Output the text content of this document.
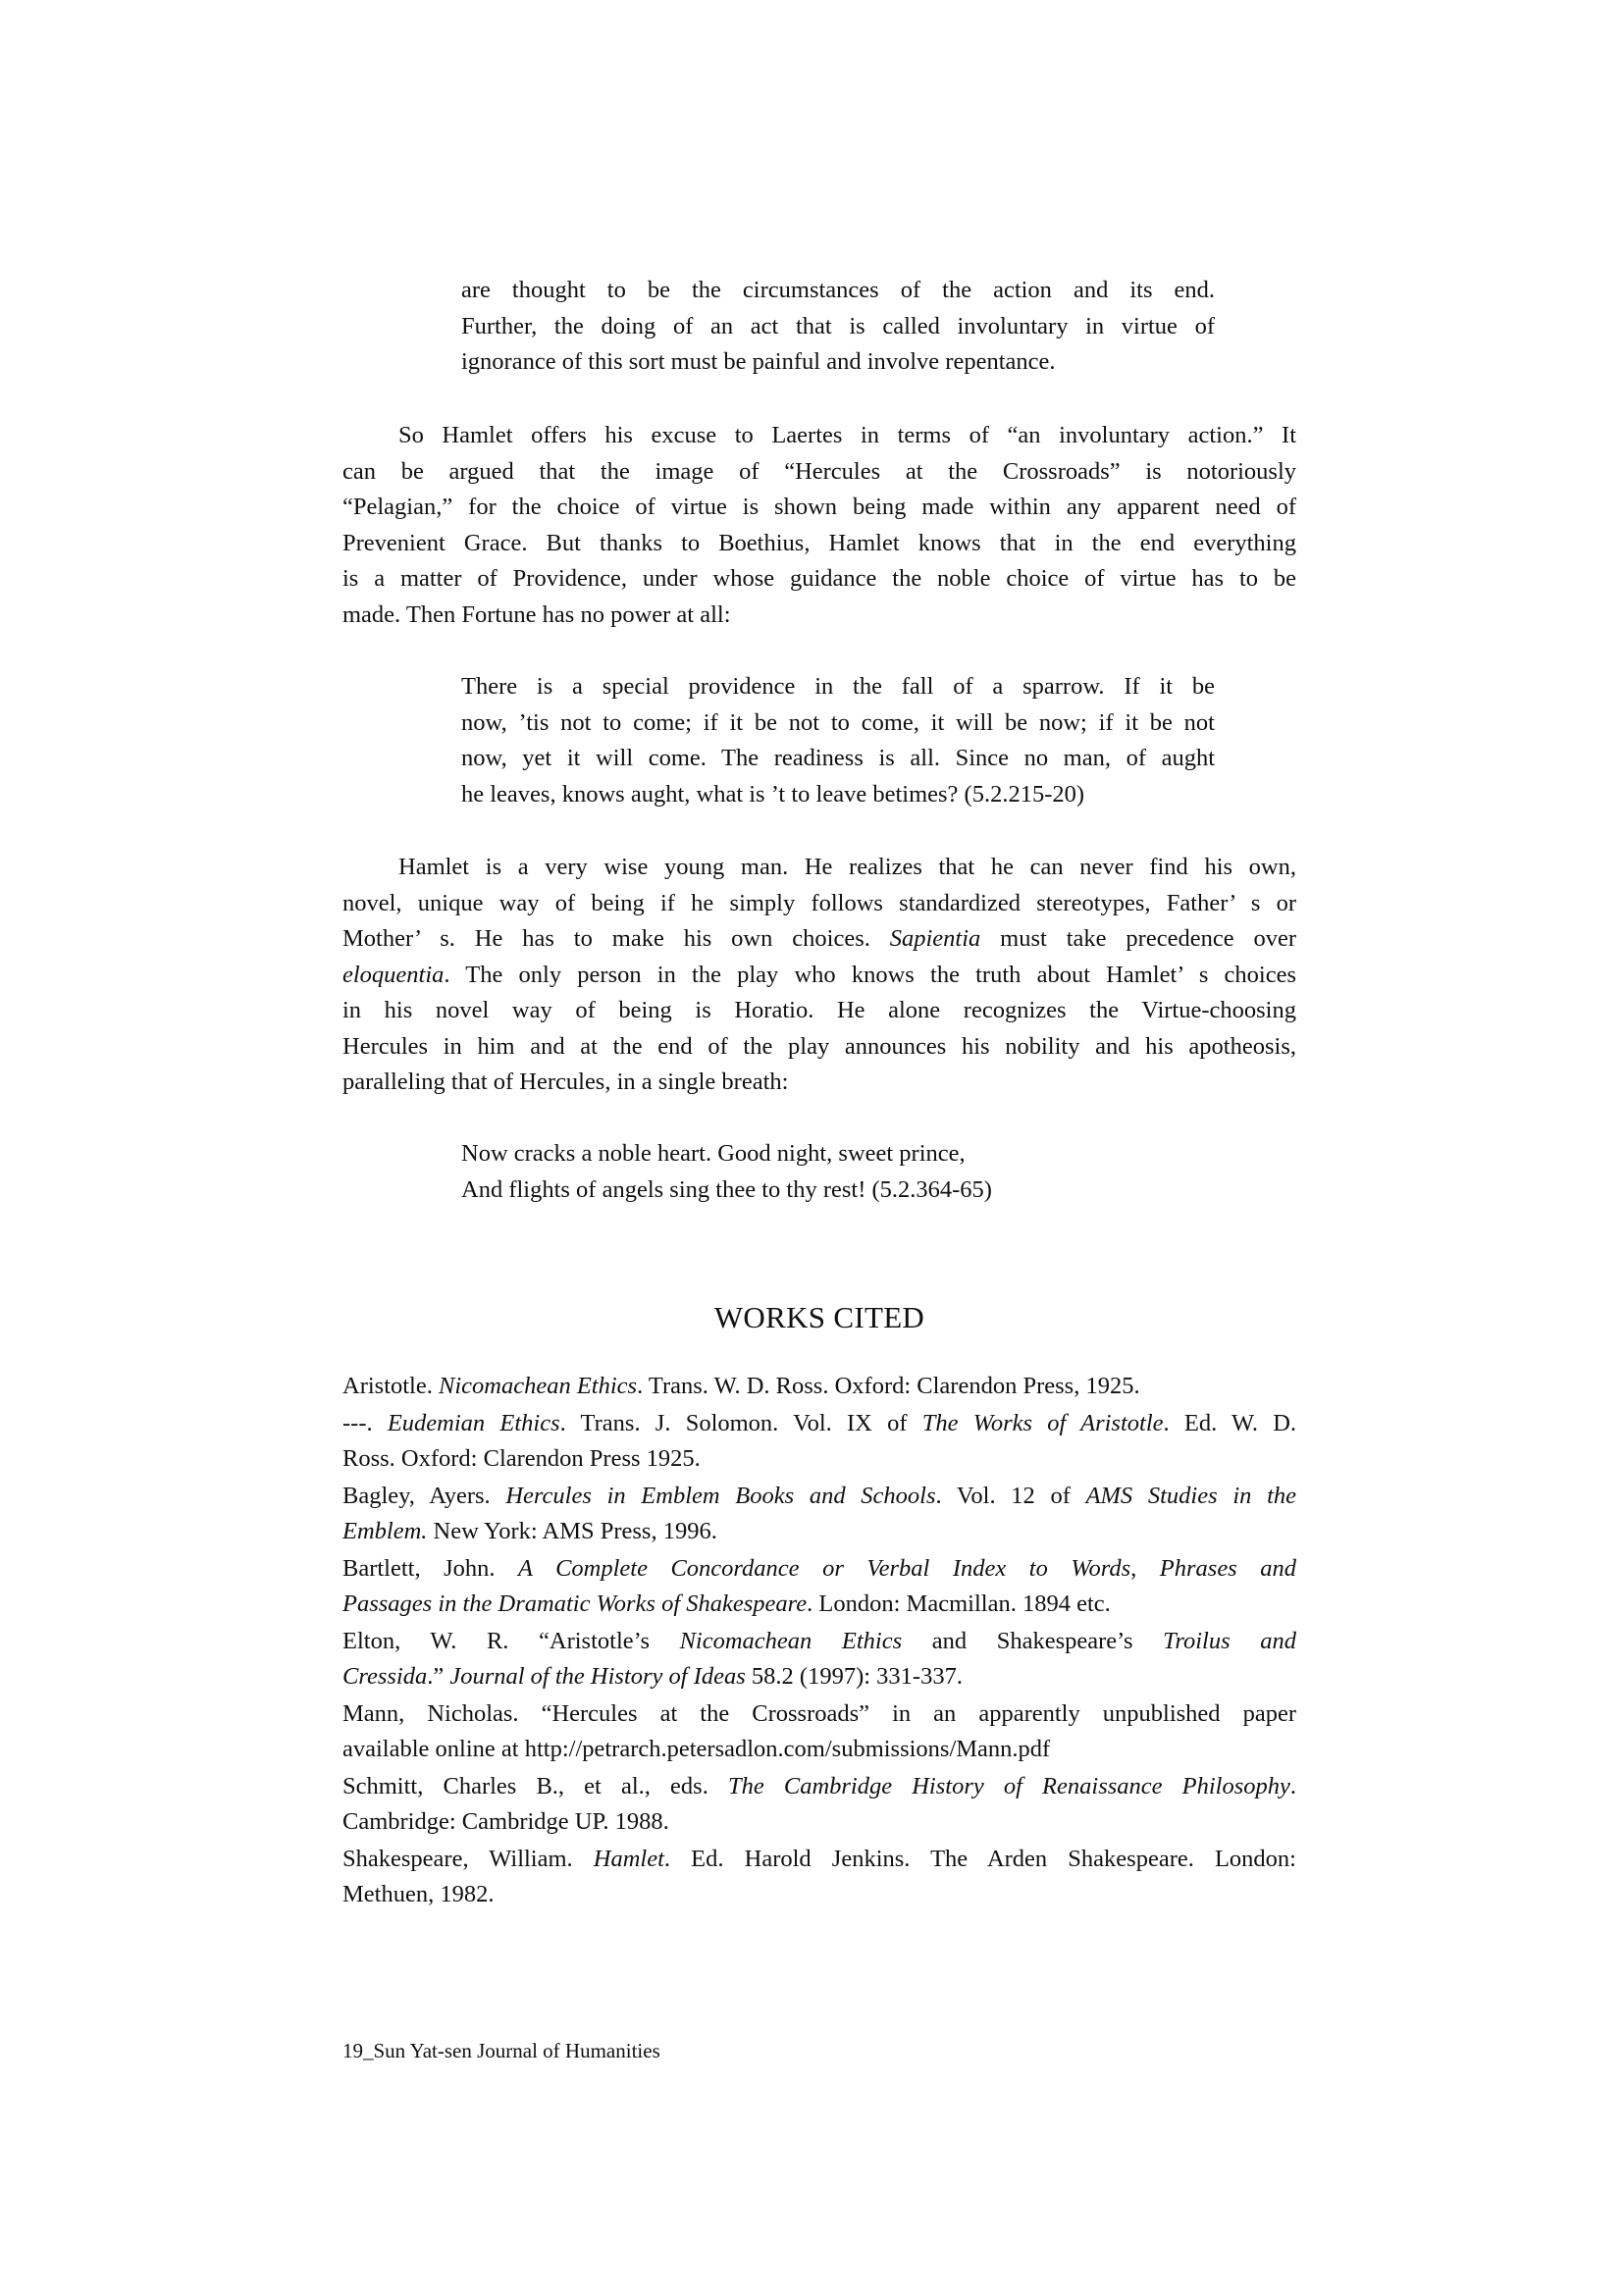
are thought to be the circumstances of the action and its end.
Further, the doing of an act that is called involuntary in virtue of
ignorance of this sort must be painful and involve repentance.
So Hamlet offers his excuse to Laertes in terms of “an involuntary action.” It
can be argued that the image of “Hercules at the Crossroads” is notoriously
“Pelagian,” for the choice of virtue is shown being made within any apparent need of
Prevenient Grace. But thanks to Boethius, Hamlet knows that in the end everything
is a matter of Providence, under whose guidance the noble choice of virtue has to be
made. Then Fortune has no power at all:
There is a special providence in the fall of a sparrow. If it be
now, ’tis not to come; if it be not to come, it will be now; if it be not
now, yet it will come. The readiness is all. Since no man, of aught
he leaves, knows aught, what is ’t to leave betimes? (5.2.215-20)
Hamlet is a very wise young man. He realizes that he can never find his own,
novel, unique way of being if he simply follows standardized stereotypes, Father’ s or
Mother’ s. He has to make his own choices. Sapientia must take precedence over
eloquentia. The only person in the play who knows the truth about Hamlet’ s choices
in his novel way of being is Horatio. He alone recognizes the Virtue-choosing
Hercules in him and at the end of the play announces his nobility and his apotheosis,
paralleling that of Hercules, in a single breath:
Now cracks a noble heart. Good night, sweet prince,
And flights of angels sing thee to thy rest! (5.2.364-65)
WORKS CITED
Aristotle. Nicomachean Ethics. Trans. W. D. Ross. Oxford: Clarendon Press, 1925.
---. Eudemian Ethics. Trans. J. Solomon. Vol. IX of The Works of Aristotle. Ed. W. D.
Ross. Oxford: Clarendon Press 1925.
Bagley, Ayers. Hercules in Emblem Books and Schools. Vol. 12 of AMS Studies in the
Emblem. New York: AMS Press, 1996.
Bartlett, John. A Complete Concordance or Verbal Index to Words, Phrases and
Passages in the Dramatic Works of Shakespeare. London: Macmillan. 1894 etc.
Elton, W. R. “Aristotle’s Nicomachean Ethics and Shakespeare’s Troilus and
Cressida.” Journal of the History of Ideas 58.2 (1997): 331-337.
Mann, Nicholas. “Hercules at the Crossroads” in an apparently unpublished paper
available online at http://petrarch.petersadlon.com/submissions/Mann.pdf
Schmitt, Charles B., et al., eds. The Cambridge History of Renaissance Philosophy.
Cambridge: Cambridge UP. 1988.
Shakespeare, William. Hamlet. Ed. Harold Jenkins. The Arden Shakespeare. London:
Methuen, 1982.
19_Sun Yat-sen Journal of Humanities
